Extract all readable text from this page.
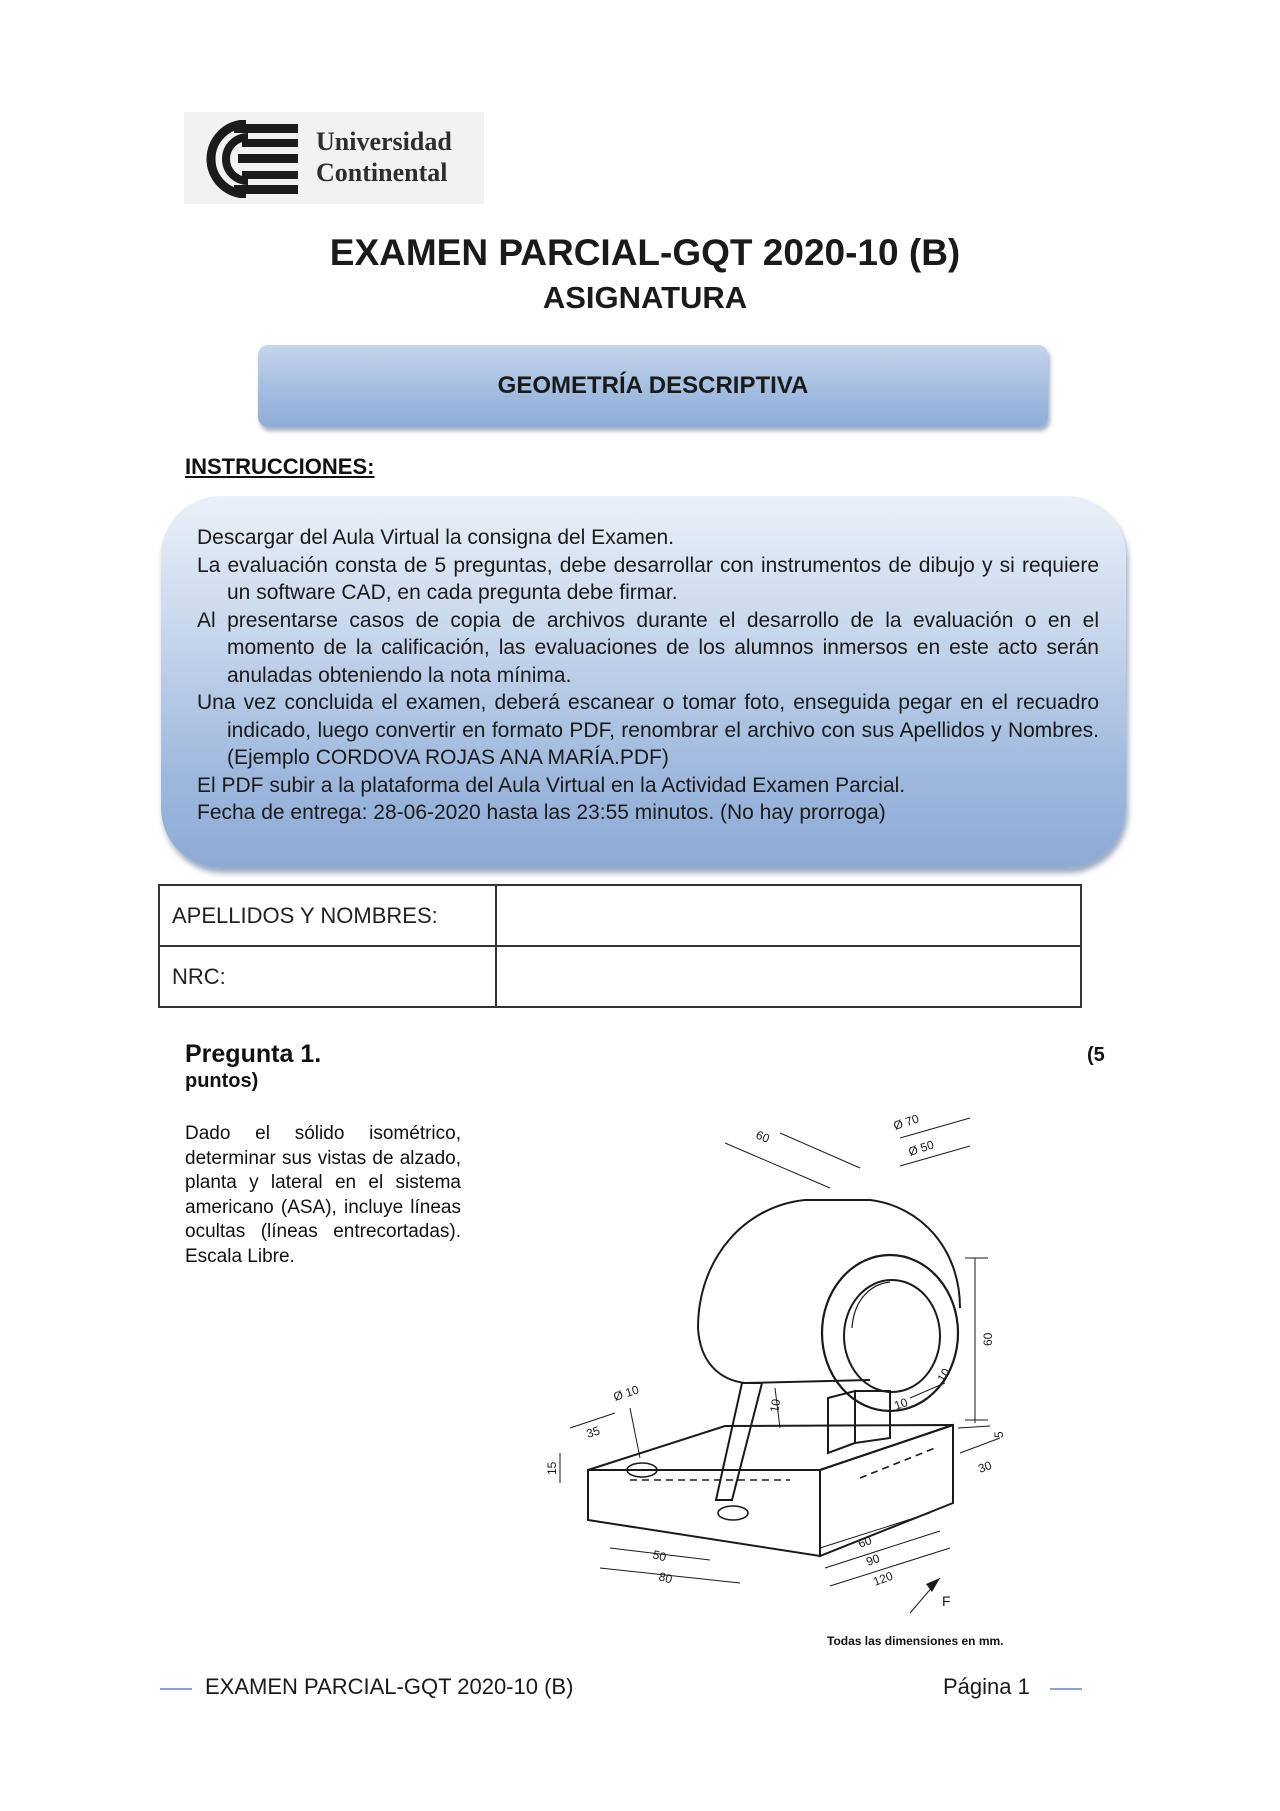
Universidad
Continental
EXAMEN PARCIAL-GQT 2020-10 (B)
ASIGNATURA
GEOMETRÍA DESCRIPTIVA
INSTRUCCIONES:
Descargar del Aula Virtual la consigna del Examen.
La evaluación consta de 5 preguntas, debe desarrollar con instrumentos de dibujo y si requiere un software CAD, en cada pregunta debe firmar.
Al presentarse casos de copia de archivos durante el desarrollo de la evaluación o en el momento de la calificación, las evaluaciones de los alumnos inmersos en este acto serán anuladas obteniendo la nota mínima.
Una vez concluida el examen, deberá escanear o tomar foto, enseguida pegar en el recuadro indicado, luego convertir en formato PDF, renombrar el archivo con sus Apellidos y Nombres. (Ejemplo CORDOVA ROJAS ANA MARÍA.PDF)
El PDF subir a la plataforma del Aula Virtual en la Actividad Examen Parcial.
Fecha de entrega: 28-06-2020 hasta las 23:55 minutos. (No hay prorroga)
APELLIDOS Y NOMBRES:	
NRC:	
Pregunta 1.	(5
puntos)
Dado el sólido isométrico, determinar sus vistas de alzado, planta y lateral en el sistema americano (ASA), incluye líneas ocultas (líneas entrecortadas). Escala Libre.
60
Ø 70
Ø 50
60
10
10	10
5
30
Ø 10
35
15
50
80
60
90
120
F
Todas las dimensiones en mm.
EXAMEN PARCIAL-GQT 2020-10 (B)	Página 1
